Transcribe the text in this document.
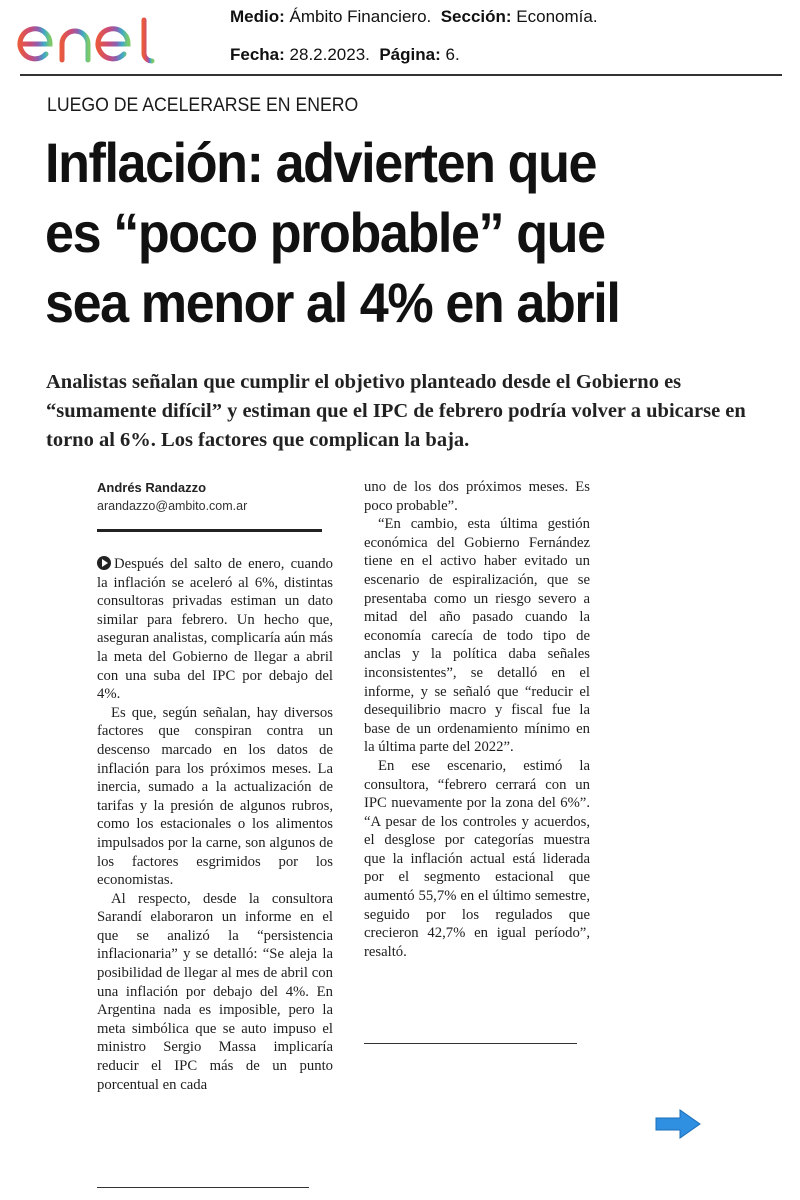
Medio: Ámbito Financiero. Sección: Economía.
Fecha: 28.2.2023. Página: 6.
LUEGO DE ACELERARSE EN ENERO
Inflación: advierten que
es “poco probable” que
sea menor al 4% en abril
Analistas señalan que cumplir el objetivo planteado desde el Gobierno es “sumamente difícil” y estiman que el IPC de febrero podría volver a ubicarse en torno al 6%. Los factores que complican la baja.
Andrés Randazzo
arandazzo@ambito.com.ar

Después del salto de enero, cuando la inflación se aceleró al 6%, distintas consultoras privadas estiman un dato similar para febrero. Un hecho que, aseguran analistas, complicaría aún más la meta del Gobierno de llegar a abril con una suba del IPC por debajo del 4%.

Es que, según señalan, hay diversos factores que conspiran contra un descenso marcado en los datos de inflación para los próximos meses. La inercia, sumado a la actualización de tarifas y la presión de algunos rubros, como los estacionales o los alimentos impulsados por la carne, son algunos de los factores esgrimidos por los economistas.

Al respecto, desde la consultora Sarandí elaboraron un informe en el que se analizó la “persistencia inflacionaria” y se detalló: “Se aleja la posibilidad de llegar al mes de abril con una inflación por debajo del 4%. En Argentina nada es imposible, pero la meta simbólica que se auto impuso el ministro Sergio Massa implicaría reducir el IPC más de un punto porcentual en cada

uno de los dos próximos meses. Es poco probable”.

“En cambio, esta última gestión económica del Gobierno Fernández tiene en el activo haber evitado un escenario de espiralización, que se presentaba como un riesgo severo a mitad del año pasado cuando la economía carecía de todo tipo de anclas y la política daba señales inconsistentes”, se detalló en el informe, y se señaló que “reducir el desequilibrio macro y fiscal fue la base de un ordenamiento mínimo en la última parte del 2022”.

En ese escenario, estimó la consultora, “febrero cerrará con un IPC nuevamente por la zona del 6%”. “A pesar de los controles y acuerdos, el desglose por categorías muestra que la inflación actual está liderada por el segmento estacional que aumentó 55,7% en el último semestre, seguido por los regulados que crecieron 42,7% en igual período”, resaltó.
